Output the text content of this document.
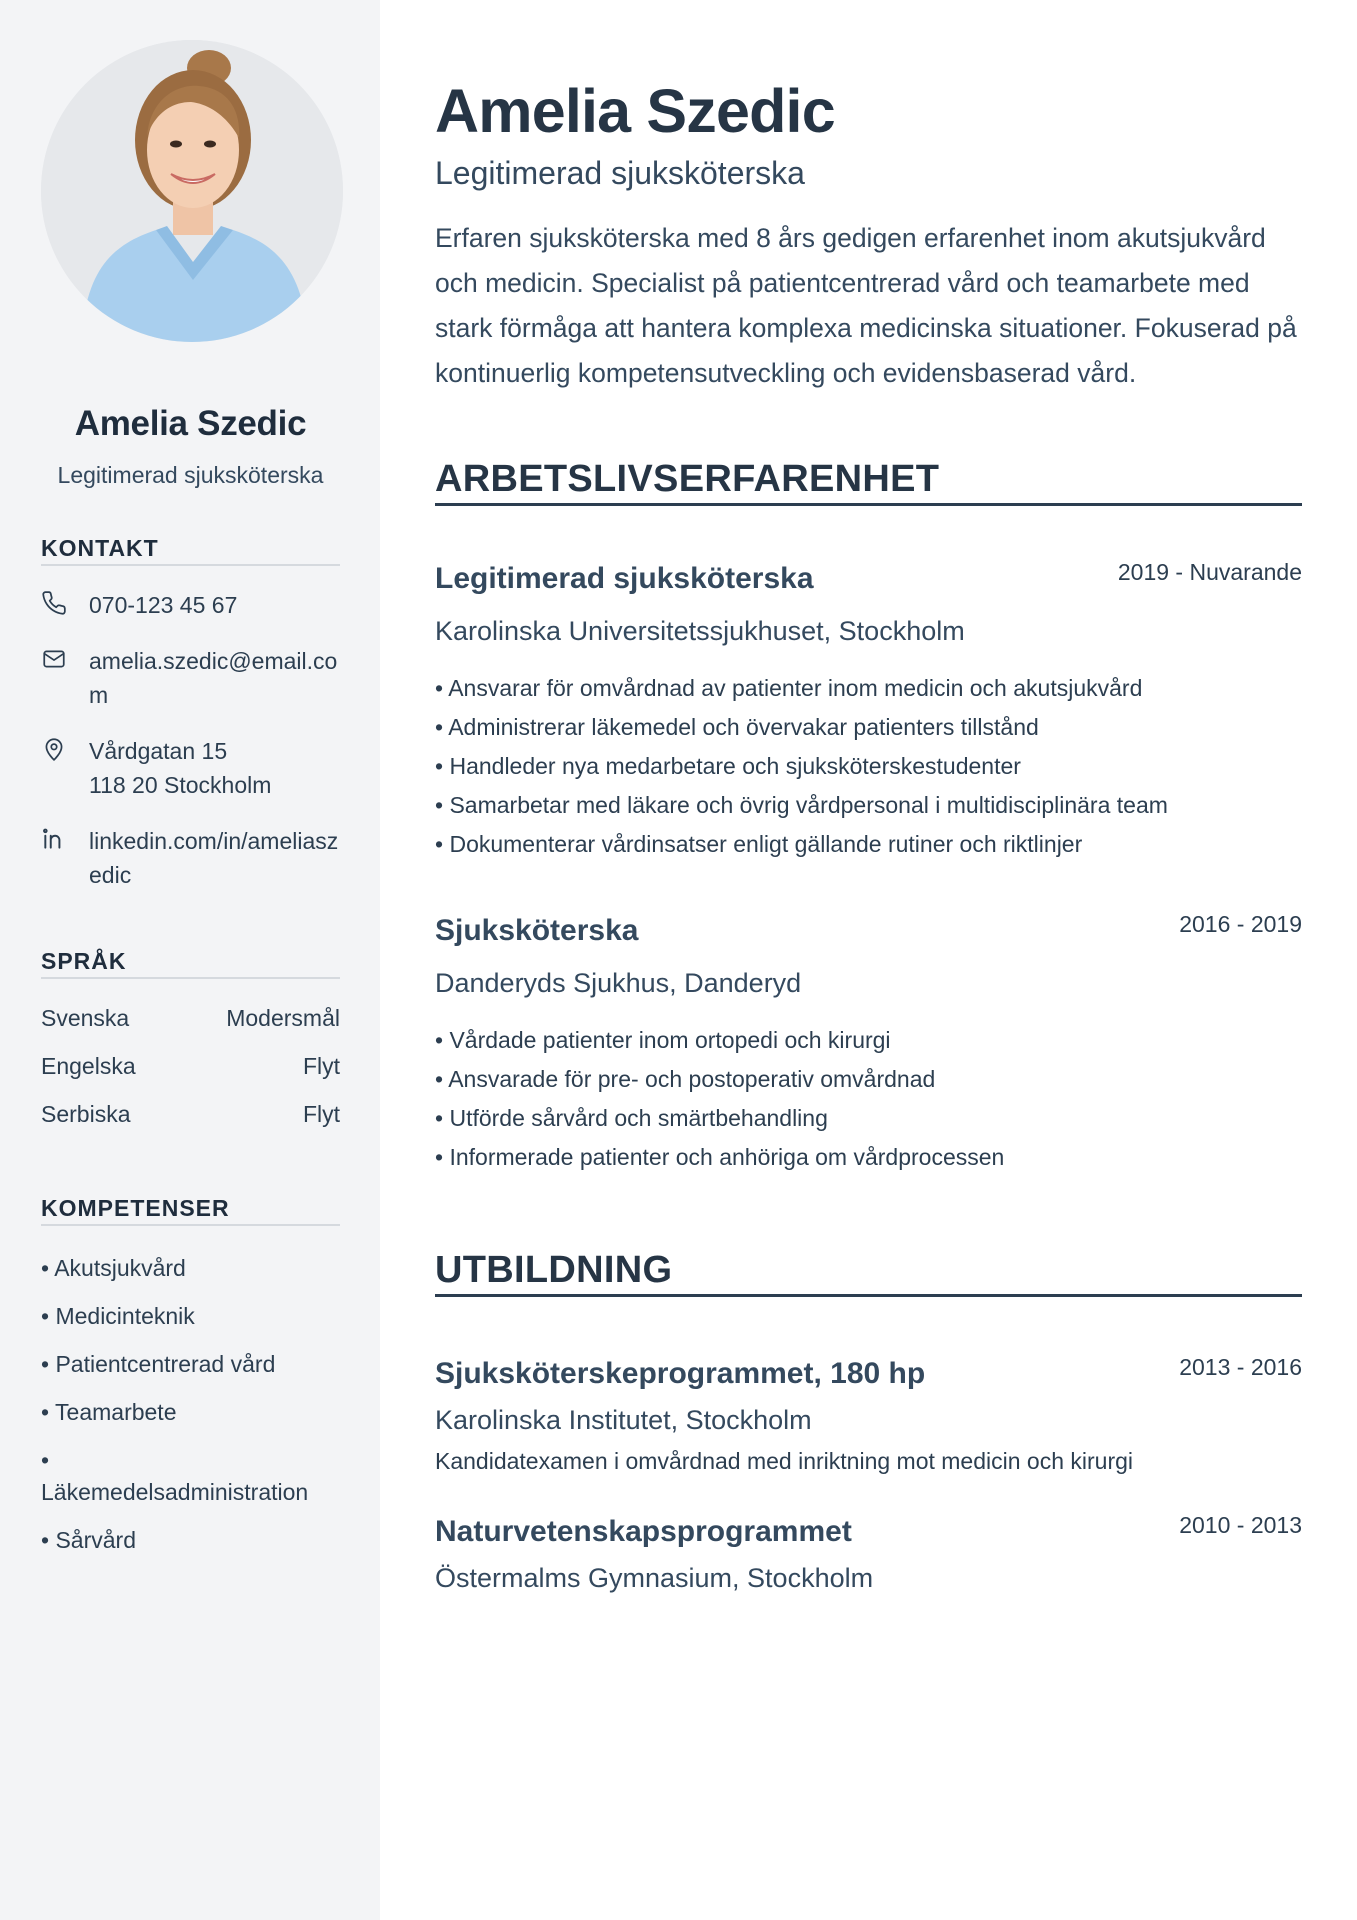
Amelia Szedic
Legitimerad sjuksköterska
KONTAKT
070-123 45 67
amelia.szedic@email.com
Vårdgatan 15
118 20 Stockholm
linkedin.com/in/ameliaszedic
SPRÅK
Svenska	Modersmål
Engelska	Flyt
Serbiska	Flyt
KOMPETENSER
• Akutsjukvård
• Medicinteknik
• Patientcentrerad vård
• Teamarbete
• Läkemedelsadministration
• Sårvård
Amelia Szedic
Legitimerad sjuksköterska

Erfaren sjuksköterska med 8 års gedigen erfarenhet inom akutsjukvård och medicin. Specialist på patientcentrerad vård och teamarbete med stark förmåga att hantera komplexa medicinska situationer. Fokuserad på kontinuerlig kompetensutveckling och evidensbaserad vård.

ARBETSLIVSERFARENHET
Legitimerad sjuksköterska	2019 - Nuvarande
Karolinska Universitetssjukhuset, Stockholm
• Ansvarar för omvårdnad av patienter inom medicin och akutsjukvård
• Administrerar läkemedel och övervakar patienters tillstånd
• Handleder nya medarbetare och sjuksköterskestudenter
• Samarbetar med läkare och övrig vårdpersonal i multidisciplinära team
• Dokumenterar vårdinsatser enligt gällande rutiner och riktlinjer
Sjuksköterska	2016 - 2019
Danderyds Sjukhus, Danderyd
• Vårdade patienter inom ortopedi och kirurgi
• Ansvarade för pre- och postoperativ omvårdnad
• Utförde sårvård och smärtbehandling
• Informerade patienter och anhöriga om vårdprocessen
UTBILDNING
Sjuksköterskeprogrammet, 180 hp	2013 - 2016
Karolinska Institutet, Stockholm
Kandidatexamen i omvårdnad med inriktning mot medicin och kirurgi
Naturvetenskapsprogrammet	2010 - 2013
Östermalms Gymnasium, Stockholm
